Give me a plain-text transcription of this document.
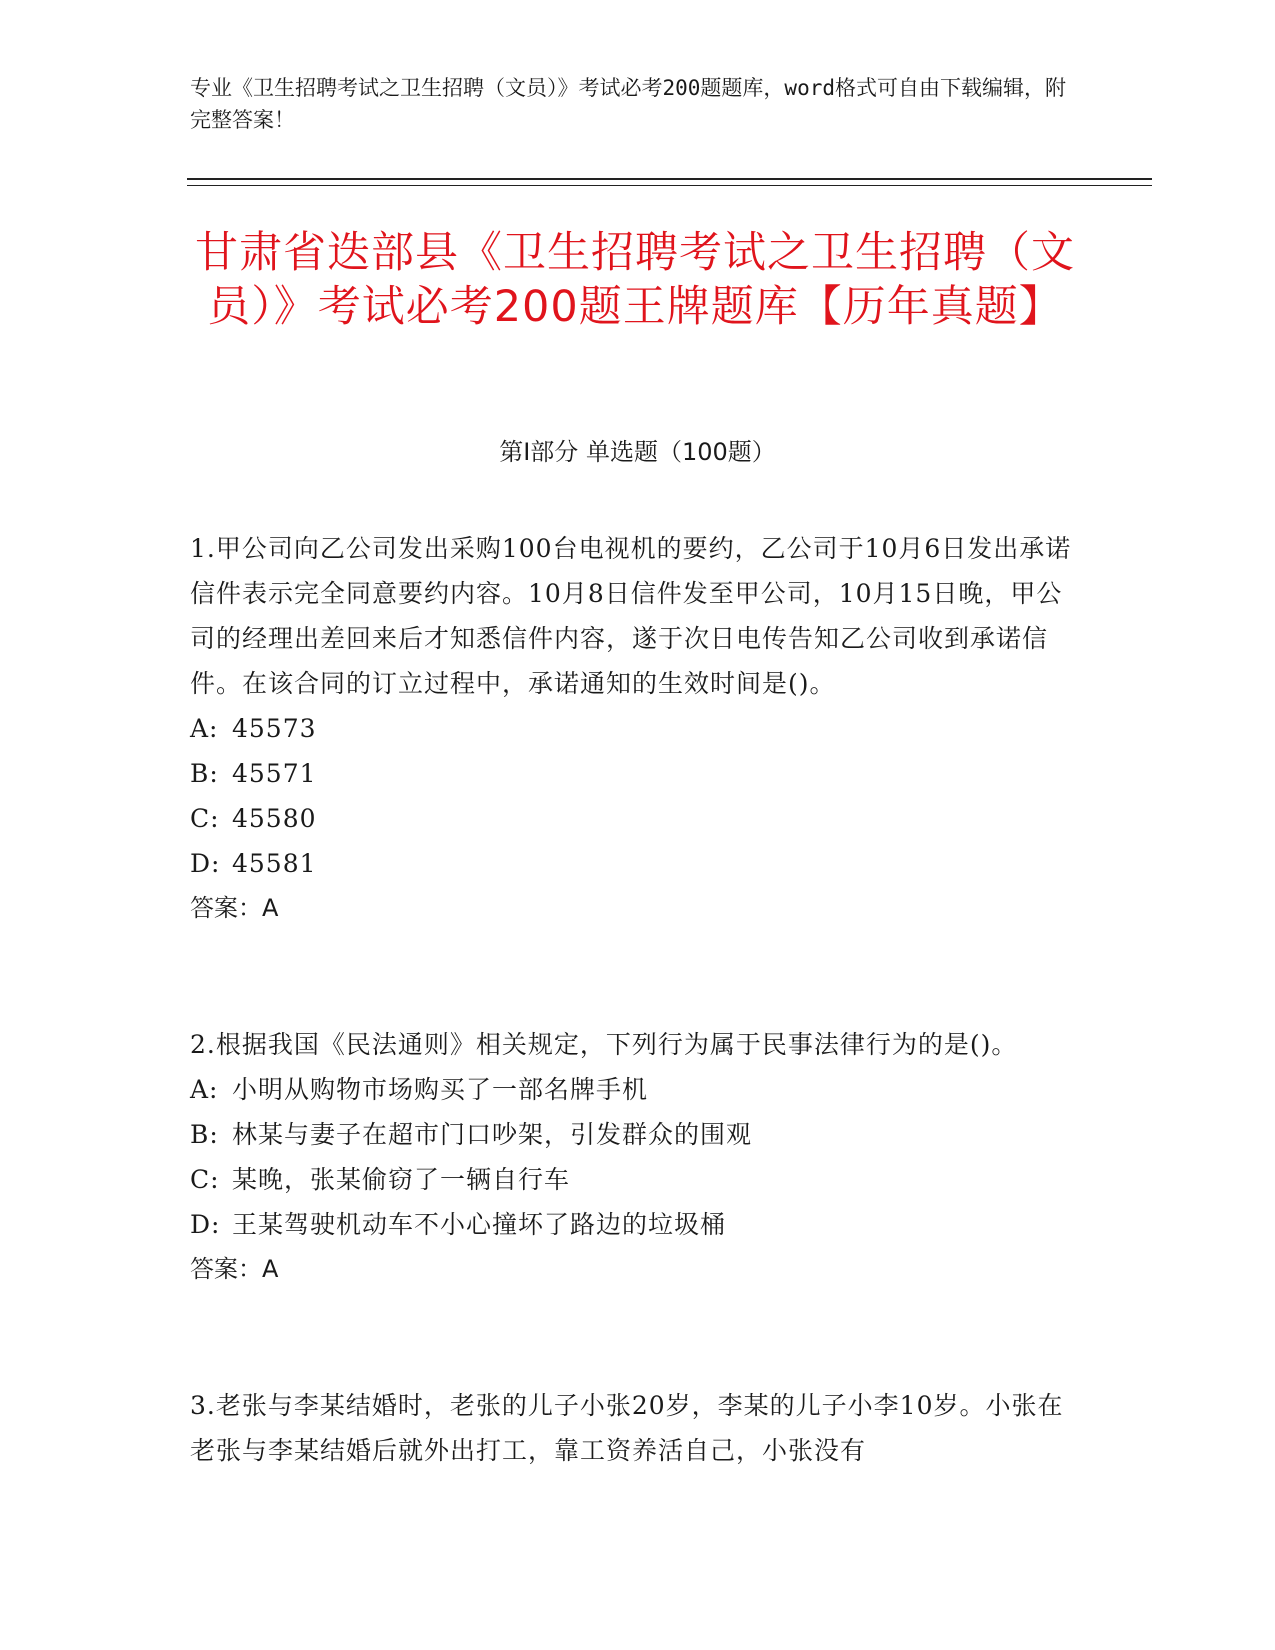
专业《卫生招聘考试之卫生招聘（文员）》考试必考200题题库，word格式可自由下载编辑，附完整答案！
甘肃省迭部县《卫生招聘考试之卫生招聘（文员）》考试必考200题王牌题库【历年真题】
第Ⅰ部分 单选题（100题）

1.甲公司向乙公司发出采购100台电视机的要约，乙公司于10月6日发出承诺信件表示完全同意要约内容。10月8日信件发至甲公司，10月15日晚，甲公司的经理出差回来后才知悉信件内容，遂于次日电传告知乙公司收到承诺信件。在该合同的订立过程中，承诺通知的生效时间是()。

A: 45573

B: 45571

C: 45580

D: 45581

答案：A

2.根据我国《民法通则》相关规定，下列行为属于民事法律行为的是()。

A: 小明从购物市场购买了一部名牌手机

B: 林某与妻子在超市门口吵架，引发群众的围观

C: 某晚，张某偷窃了一辆自行车

D: 王某驾驶机动车不小心撞坏了路边的垃圾桶

答案：A

3.老张与李某结婚时，老张的儿子小张20岁，李某的儿子小李10岁。小张在老张与李某结婚后就外出打工，靠工资养活自己，小张没有
